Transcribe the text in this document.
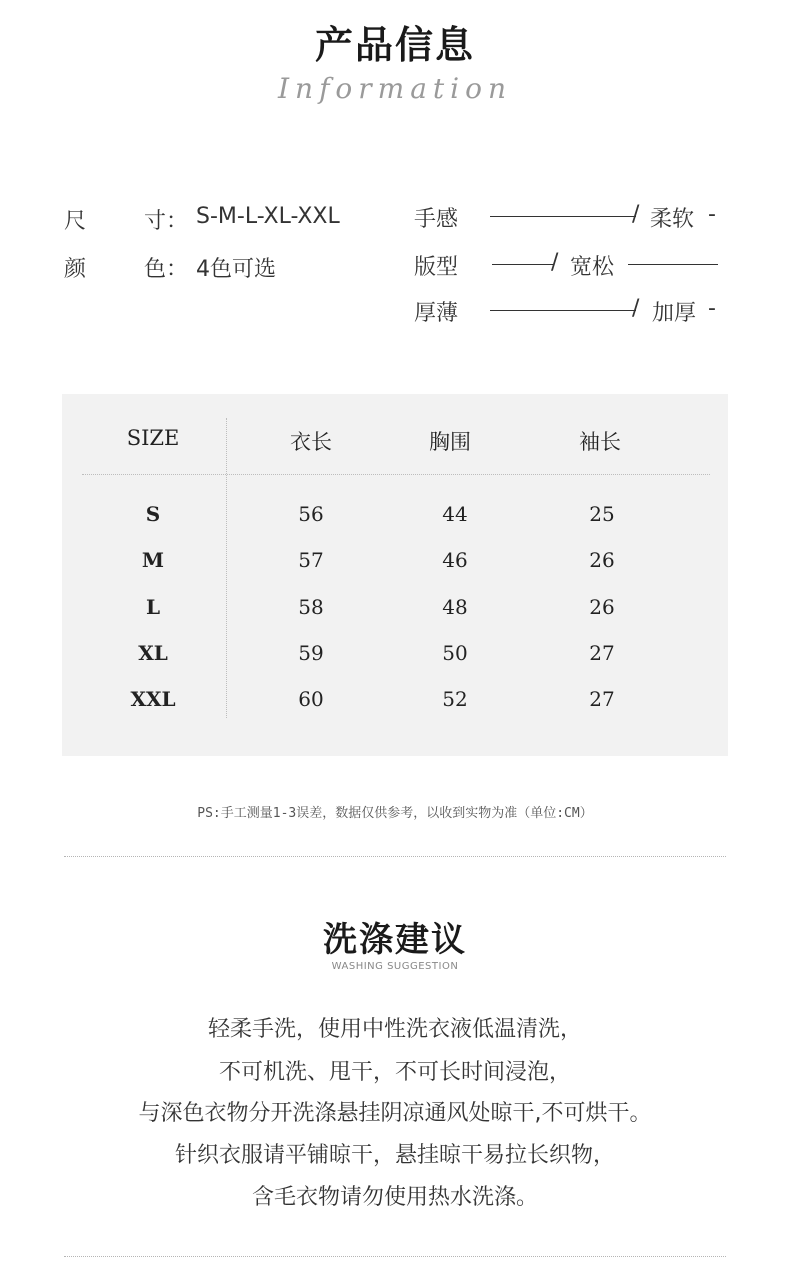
产品信息
Information
尺	寸： S-M-L-XL-XXL
颜	色： 4色可选
手感	/ 柔软 -
版型	/ 宽松
厚薄	/ 加厚 -
SIZE	衣长	胸围	袖长
S	56	44	25
M	57	46	26
L	58	48	26
XL	59	50	27
XXL	60	52	27
PS:手工测量1-3误差，数据仅供参考，以收到实物为准（单位:CM）
洗涤建议
WASHING SUGGESTION
轻柔手洗，使用中性洗衣液低温清洗，
不可机洗、甩干，不可长时间浸泡，
与深色衣物分开洗涤悬挂阴凉通风处晾干,不可烘干。
针织衣服请平铺晾干，悬挂晾干易拉长织物，
含毛衣物请勿使用热水洗涤。
